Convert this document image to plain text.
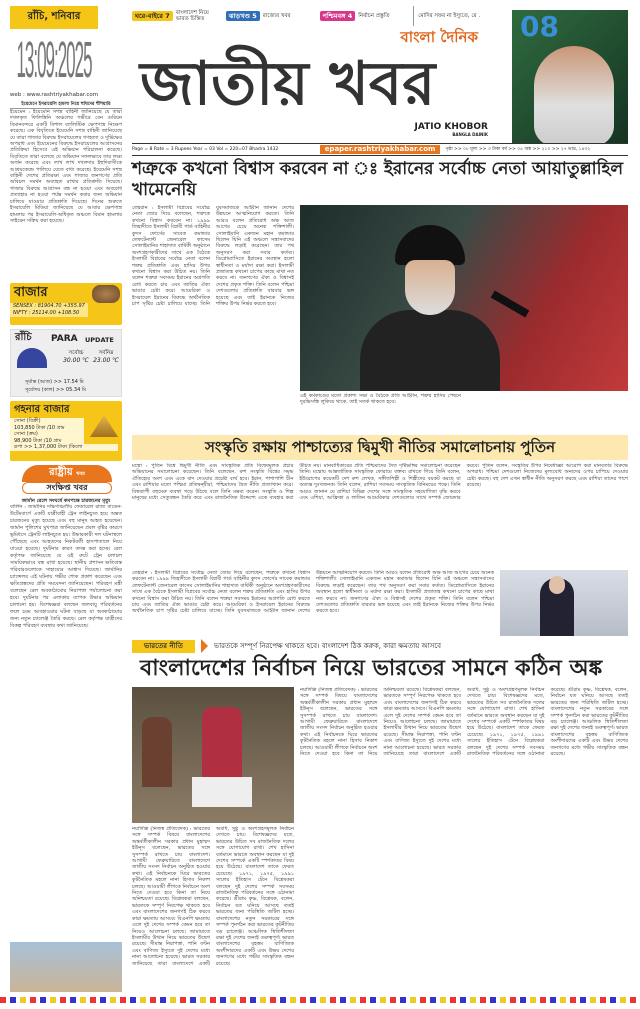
রাঁচি, শনিবার
13:09:2025
web : www.rashtriyakhabar.com
ঘরে-বাইরে 7	বাংলাদেশ নিয়ে ভারত চিন্তিত	ঝাড়খণ্ড 5	রাজ্যের খবর	পশ্চিমবঙ্গ 4	নির্বাচন প্রস্তুতি	মোদির সফর না ইস্যুতে, রে .
বাংলা দৈনিক
জাতীয় খবর
JATIO KHOBOR
BANGLA DAINIK
08
ইয়েমেনে ইসরায়েলি হামলা নিয়ে হুথিদের হুঁশিয়ারি
ইয়েমেন : ইয়েমেনি সশস্ত্র বাহিনী জানিয়েছে যে তারা দখলকৃত ফিলিস্তিনি অঞ্চলের গভীরে বেন গুরিয়ন বিমানবন্দরে একটি বিশাল ব্যালিস্টিক ক্ষেপণাস্ত্র নিক্ষেপ করেছে। এক বিবৃতিতে ইয়েমেনি সশস্ত্র বাহিনী জানিয়েছে যে তারা গাজার বিরুদ্ধে ইসরায়েলের গণহত্যা ও দুর্ভিক্ষের অপরাধ এবং ইয়েমেনের বিরুদ্ধে ইসরায়েলের আগ্রাসনের প্রতিক্রিয়া হিসেবে এই অভিযান পরিচালনা করেছে। বিবৃতিতে তারা বলেছে যে অভিযান সফলভাবে তার লক্ষ্য অর্জন করেছে এবং লাখ লাখ দখলদার ইহুদিবাসীকে আশ্রয়কেন্দ্রে পালিয়ে যেতে বাধ্য করেছে। ইয়েমেনি সশস্ত্র বাহিনী দেশের প্রতিরক্ষা এবং গাজার জনগণের প্রতি অবিচল সমর্থন অব্যাহত রাখার প্রতিশ্রুতি দিয়েছে। গাজার বিরুদ্ধে আগ্রাসন বন্ধ না হওয়া এবং অবরোধ প্রত্যাহার না হওয়া পর্যন্ত সমর্থন করার জন্য অভিযান চালিয়ে যাওয়ার প্রতিশ্রুতি দিয়েছে। দিনের শুরুতে ইসরায়েলি মিডিয়া জানিয়েছে যে আবার ক্ষেপণাস্ত্র হামলার পর ইসরায়েলি-অধিকৃত অঞ্চলে বিমান হামলার সাইরেন সক্রিয় করা হয়েছে।
বাজার
SENSEX : 81904.70 +355.97
NIFTY : 25114.00 +108.50
রাঁচি PARA UPDATE
সর্বোচ্চ	সর্বনিম্ন
30.00 ℃ 23.00 ℃
সূর্যাস্ত (আজ) >> 17.54 মি
সূর্যোদয় (কাল) >> 05.34 মি
গহনার বাজার
সোনা (বিক্রী)
103,850 টাকা /10 গ্রাম
সোনা (ক্রয়)
98,900 টাকা /10 গ্রাম
রূপা >> 1,37,000 টাকা /কিলো
রাষ্ট্রীয় খবর
সংক্ষিপ্ত খবর
জার্মান রেলে সংঘর্ষে কমপক্ষে চারজনের মৃত্যু
বার্লিন : জার্মানির দক্ষিণাঞ্চলীয় ফেডারেল রাজ্য বাডেন-উর্টেমবার্গে একটি যাত্রীবাহী ট্রেন লাইনচ্যুত হয়ে অন্তত চারজনের মৃত্যু হয়েছে এবং বহু মানুষ আহত হয়েছেন। জার্মান পুলিশের মুখপাত্র জানিয়েছেন প্রবল বৃষ্টির কারণে ভূমিধসে ট্রেনটি লাইনচ্যুত হয়। উদ্ধারকারী দল ঘটনাস্থলে পৌঁছেছে এবং আহতদের নিকটবর্তী হাসপাতালে নিয়ে যাওয়া হয়েছে। দুর্ঘটনার কারণ তদন্ত করা হচ্ছে। রেল কর্তৃপক্ষ জানিয়েছে যে ওই রুটে ট্রেন চলাচল সাময়িকভাবে বন্ধ রাখা হয়েছে। স্থানীয় প্রশাসন ক্ষতিগ্রস্ত পরিবারগুলোকে সাহায্যের আশ্বাস দিয়েছে। জার্মানির চ্যান্সেলর এই ঘটনায় গভীর শোক প্রকাশ করেছেন এবং ক্ষতিগ্রস্তদের প্রতি সমবেদনা জানিয়েছেন। পরিবহণ মন্ত্রী বলেছেন রেল অবকাঠামোর নিরাপত্তা পর্যালোচনা করা হবে। দুর্ঘটনার পর এলাকায় ব্যাপক উদ্ধার অভিযান চালানো হয়। বিশেষজ্ঞরা বলছেন জলবায়ু পরিবর্তনের ফলে চরম আবহাওয়ার ঘটনা বাড়ছে যা অবকাঠামোর জন্য নতুন চ্যালেঞ্জ তৈরি করছে। রেল কর্তৃপক্ষ যাত্রীদের বিকল্প পরিবহণ ব্যবস্থার কথা জানিয়েছে।
Page = 8 Rate = 3 Rupees Year = 03 Vol = 220=07 Bhadra 1432	epaper.rashtriyakhabar.com	পৃষ্ঠা >> ০৮ মূল্য >> ৩ টাকা বর্ষ >> ০৫ অঙ্ক >> ২১০ >> ২৭ ভাদ্র, ১৪৩২
শত্রুকে কখনো বিশ্বাস করবেন না ঃ ইরানের সর্বোচ্চ নেতা আয়াতুল্লাহিল খামেনেয়ি
তেহরান : ইসলামী বিপ্লবের সর্বোচ্চ নেতা জোর দিয়ে বলেছেন, শত্রুকে কখনো বিশ্বাস করবেন না। ১৯৯৯ জিহাদীতে ইসলামী বিপ্লবী গার্ড বাহিনীর কুদস ফোর্সের সাবেক কমান্ডার লেফটেন্যান্ট জেনারেল কাসেম সোলাইমানির শাহাদাত বার্ষিকী অনুষ্ঠানে অংশগ্রহণকারীদের সাথে এক বৈঠকে ইসলামী বিপ্লবের সর্বোচ্চ নেতা বলেন শত্রুর প্রতিশ্রুতি এবং হাসির উপর কখনো বিশ্বাস করা উচিত নয়। তিনি বলেন শত্রুরা সবসময় ইরানের অগ্রগতি রোধ করতে চায় এবং জাতির ঐক্য ভাঙার চেষ্টা করে। আমেরিকা ও ইসরায়েল ইরানের বিরুদ্ধে অর্থনৈতিক চাপ সৃষ্টির চেষ্টা চালিয়ে যাচ্ছে। তিনি যুবসমাজকে আহ্বান জানান দেশের উন্নয়নে আত্মনিয়োগ করতে। তিনি আরও বলেন প্রতিরোধ অক্ষ আজ আগের চেয়ে অনেক শক্তিশালী। সোলাইমানি একজন মহান কমান্ডার ছিলেন যিনি এই অঞ্চলে সন্ত্রাসবাদের বিরুদ্ধে লড়াই করেছেন। তার পথ অনুসরণ করা সবার কর্তব্য। ডিপ্লোম্যাসিতে ইরানের অবস্থান হলো স্বাধীনতা ও মর্যাদা রক্ষা করা। ইসলামী প্রজাতন্ত্র কখনো চাপের কাছে মাথা নত করবে না। জনগণের ঐক্য ও বিশ্বাসই দেশের প্রকৃত শক্তি। তিনি বলেন পশ্চিমা দেশগুলোর প্রতিশ্রুতি বারবার ভঙ্গ হয়েছে এবং তাই ইরানকে নিজের শক্তির উপর নির্ভর করতে হবে।
এই কর্মকাণ্ডের মতো প্রকাশ্য সভা ও বৈঠকে প্রতি আহ্বান, শত্রুর হাসির পেছনে দুরভিসন্ধি লুকিয়ে থাকে, তাই সতর্ক থাকতে হবে।
সংস্কৃতি রক্ষায় পাশ্চাত্যের দ্বিমুখী নীতির সমালোচনায় পুতিন
মস্কো : পুতিন বিশ্বে দ্বিমুখী নীতি এবং সাংস্কৃতিক প্রতি বিদ্বেষমূলক প্রচার অভিযানের সমালোচনা করেছেন। তিনি বলেছেন, রুশ সংস্কৃতি বিশ্বের সমৃদ্ধ ঐতিহ্যের অংশ এবং একে বাদ দেওয়ার প্রচেষ্টা ব্যর্থ হবে। ইরান, পাশাপাশি চীন এবং রাশিয়ার মতো পশ্চিমা প্রতিদ্বন্দ্বীরা, পশ্চিমাদের দ্বৈত নীতি প্রত্যাখ্যান করে। বিশ্বব্যাপী বহুমেরু ব্যবস্থা গড়ে উঠছে বলে তিনি মন্তব্য করেন। সংস্কৃতি ও শিল্প মানুষের মধ্যে সেতুবন্ধন তৈরি করে এবং রাজনৈতিক উদ্দেশ্যে একে ব্যবহার করা উচিত নয়। মানবাধিকারের প্রতি পশ্চিমাদের দৈত দৃষ্টিভঙ্গির সমালোচনা করেছেন তিনি। মস্কোয় আন্তর্জাতিক সাংস্কৃতিক ফোরামে বক্তব্য রাখতে গিয়ে তিনি বলেন, ইউরোপের কয়েকটি দেশ রুশ লেখক, সঙ্গীতশিল্পী ও শিল্পীদের বয়কট করছে যা অত্যন্ত দুঃখজনক। তিনি বলেন, রাশিয়া সবসময় সাংস্কৃতিক বিনিময়ের পক্ষে। তিনি আরও জানান যে রাশিয়া বিভিন্ন দেশের সঙ্গে সাংস্কৃতিক সহযোগিতা বৃদ্ধি করবে এবং এশিয়া, আফ্রিকা ও লাতিন আমেরিকার দেশগুলোর সাথে সম্পর্ক জোরদার করবে। পুতিন বলেন, সংস্কৃতির উপর নিষেধাজ্ঞা আরোপ করা মানবতার বিরুদ্ধে অপরাধ। পশ্চিমা দেশগুলো নিজেদের মূল্যবোধ অন্যদের ওপর চাপিয়ে দেওয়ার চেষ্টা করছে। বহু দেশ এখন স্বাধীন নীতি অনুসরণ করছে এবং রাশিয়া তাদের পাশে রয়েছে।
তেহরান : ইসলামী বিপ্লবের সর্বোচ্চ নেতা জোর দিয়ে বলেছেন, শত্রুকে কখনো বিশ্বাস করবেন না। ১৯৯৯ জিহাদীতে ইসলামী বিপ্লবী গার্ড বাহিনীর কুদস ফোর্সের সাবেক কমান্ডার লেফটেন্যান্ট জেনারেল কাসেম সোলাইমানির শাহাদাত বার্ষিকী অনুষ্ঠানে অংশগ্রহণকারীদের সাথে এক বৈঠকে ইসলামী বিপ্লবের সর্বোচ্চ নেতা বলেন শত্রুর প্রতিশ্রুতি এবং হাসির উপর কখনো বিশ্বাস করা উচিত নয়। তিনি বলেন শত্রুরা সবসময় ইরানের অগ্রগতি রোধ করতে চায় এবং জাতির ঐক্য ভাঙার চেষ্টা করে। আমেরিকা ও ইসরায়েল ইরানের বিরুদ্ধে অর্থনৈতিক চাপ সৃষ্টির চেষ্টা চালিয়ে যাচ্ছে। তিনি যুবসমাজকে আহ্বান জানান দেশের উন্নয়নে আত্মনিয়োগ করতে। তিনি আরও বলেন প্রতিরোধ অক্ষ আজ আগের চেয়ে অনেক শক্তিশালী। সোলাইমানি একজন মহান কমান্ডার ছিলেন যিনি এই অঞ্চলে সন্ত্রাসবাদের বিরুদ্ধে লড়াই করেছেন। তার পথ অনুসরণ করা সবার কর্তব্য। ডিপ্লোম্যাসিতে ইরানের অবস্থান হলো স্বাধীনতা ও মর্যাদা রক্ষা করা। ইসলামী প্রজাতন্ত্র কখনো চাপের কাছে মাথা নত করবে না। জনগণের ঐক্য ও বিশ্বাসই দেশের প্রকৃত শক্তি। তিনি বলেন পশ্চিমা দেশগুলোর প্রতিশ্রুতি বারবার ভঙ্গ হয়েছে এবং তাই ইরানকে নিজের শক্তির উপর নির্ভর করতে হবে।
ভারতের নীতি	ভারতকে সম্পূর্ণ নিরপেক্ষ থাকতে হবে। বাংলাদেশ ঠিক করুক, কারা ক্ষমতায় আসবে
বাংলাদেশের নির্বাচন নিয়ে ভারতের সামনে কঠিন অঙ্ক
নয়াদিল্লি (নিজস্ব প্রতিবেদক) : ভারতের সঙ্গে সম্পর্ক বিষয়ে বাংলাদেশের অন্তর্বর্তীকালীন সরকার প্রধান মুহাম্মদ ইউনূস বলেছেন, ভারতের সঙ্গে সুসম্পর্ক রাখতে চায় বাংলাদেশ। আগামী ফেব্রুয়ারিতে বাংলাদেশে জাতীয় সংসদ নির্বাচন অনুষ্ঠিত হওয়ার কথা। এই নির্বাচনকে ঘিরে ভারতের কূটনৈতিক মহলে নানা হিসাব নিকাশ চলছে। আওয়ামী লীগকে নির্বাচনে অংশ নিতে দেওয়া হবে কিনা তা নিয়ে অনিশ্চয়তা রয়েছে। বিশ্লেষকরা বলছেন, ভারতকে সম্পূর্ণ নিরপেক্ষ থাকতে হবে এবং বাংলাদেশের জনগণই ঠিক করবে কারা ক্ষমতায় আসবে। বিএনপি ক্ষমতায় এলে দুই দেশের সম্পর্ক কেমন হবে তা নিয়েও আলোচনা চলছে। জামায়াতে ইসলামীর উত্থান নিয়ে ভারতের উদ্বেগ রয়েছে। সীমান্ত নিরাপত্তা, পানি বণ্টন এবং বাণিজ্য ইস্যুতে দুই দেশের মধ্যে নানা আলোচনা হয়েছে। ভারত সরকার জানিয়েছে তারা বাংলাদেশে একটি অবাধ, সুষ্ঠু ও অংশগ্রহণমূলক নির্বাচন দেখতে চায়। বিশেষজ্ঞদের মতে, ভারতের উচিত সব রাজনৈতিক দলের সঙ্গে যোগাযোগ রাখা। শেখ হাসিনা বর্তমানে ভারতে অবস্থান করছেন যা দুই দেশের সম্পর্কে একটি স্পর্শকাতর বিষয় হয়ে উঠেছে। বাংলাদেশ তাকে ফেরত চেয়েছে। ১৯৭১, ১৯৭৫, ১৯৯১ সালের ইতিহাস টেনে বিশ্লেষকরা বলছেন দুই দেশের সম্পর্ক সবসময় রাজনৈতিক পরিবর্তনের সঙ্গে ওঠানামা করেছে। শ্রীরাম কৃষ্ণ, বিশ্লেষক, বলেন, নির্বাচন যত ঘনিয়ে আসছে ততই ভারতের জন্য পরিস্থিতি জটিল হচ্ছে। বাংলাদেশের নতুন সরকারের সঙ্গে সম্পর্ক পুনর্গঠন করা ভারতের কূটনীতির বড় চ্যালেঞ্জ। আঞ্চলিক স্থিতিশীলতা রক্ষা দুই দেশের জন্যই গুরুত্বপূর্ণ। ভারত বাংলাদেশের বৃহত্তম বাণিজ্যিক অংশীদারদের একটি এবং উভয় দেশের জনগণের মধ্যে গভীর সাংস্কৃতিক বন্ধন রয়েছে।
নয়াদিল্লি (নিজস্ব প্রতিবেদক) : ভারতের সঙ্গে সম্পর্ক বিষয়ে বাংলাদেশের অন্তর্বর্তীকালীন সরকার প্রধান মুহাম্মদ ইউনূস বলেছেন, ভারতের সঙ্গে সুসম্পর্ক রাখতে চায় বাংলাদেশ। আগামী ফেব্রুয়ারিতে বাংলাদেশে জাতীয় সংসদ নির্বাচন অনুষ্ঠিত হওয়ার কথা। এই নির্বাচনকে ঘিরে ভারতের কূটনৈতিক মহলে নানা হিসাব নিকাশ চলছে। আওয়ামী লীগকে নির্বাচনে অংশ নিতে দেওয়া হবে কিনা তা নিয়ে অনিশ্চয়তা রয়েছে। বিশ্লেষকরা বলছেন, ভারতকে সম্পূর্ণ নিরপেক্ষ থাকতে হবে এবং বাংলাদেশের জনগণই ঠিক করবে কারা ক্ষমতায় আসবে। বিএনপি ক্ষমতায় এলে দুই দেশের সম্পর্ক কেমন হবে তা নিয়েও আলোচনা চলছে। জামায়াতে ইসলামীর উত্থান নিয়ে ভারতের উদ্বেগ রয়েছে। সীমান্ত নিরাপত্তা, পানি বণ্টন এবং বাণিজ্য ইস্যুতে দুই দেশের মধ্যে নানা আলোচনা হয়েছে। ভারত সরকার জানিয়েছে তারা বাংলাদেশে একটি অবাধ, সুষ্ঠু ও অংশগ্রহণমূলক নির্বাচন দেখতে চায়। বিশেষজ্ঞদের মতে, ভারতের উচিত সব রাজনৈতিক দলের সঙ্গে যোগাযোগ রাখা। শেখ হাসিনা বর্তমানে ভারতে অবস্থান করছেন যা দুই দেশের সম্পর্কে একটি স্পর্শকাতর বিষয় হয়ে উঠেছে। বাংলাদেশ তাকে ফেরত চেয়েছে। ১৯৭১, ১৯৭৫, ১৯৯১ সালের ইতিহাস টেনে বিশ্লেষকরা বলছেন দুই দেশের সম্পর্ক সবসময় রাজনৈতিক পরিবর্তনের সঙ্গে ওঠানামা করেছে। শ্রীরাম কৃষ্ণ, বিশ্লেষক, বলেন, নির্বাচন যত ঘনিয়ে আসছে ততই ভারতের জন্য পরিস্থিতি জটিল হচ্ছে। বাংলাদেশের নতুন সরকারের সঙ্গে সম্পর্ক পুনর্গঠন করা ভারতের কূটনীতির বড় চ্যালেঞ্জ। আঞ্চলিক স্থিতিশীলতা রক্ষা দুই দেশের জন্যই গুরুত্বপূর্ণ। ভারত বাংলাদেশের বৃহত্তম বাণিজ্যিক অংশীদারদের একটি এবং উভয় দেশের জনগণের মধ্যে গভীর সাংস্কৃতিক বন্ধন রয়েছে।
